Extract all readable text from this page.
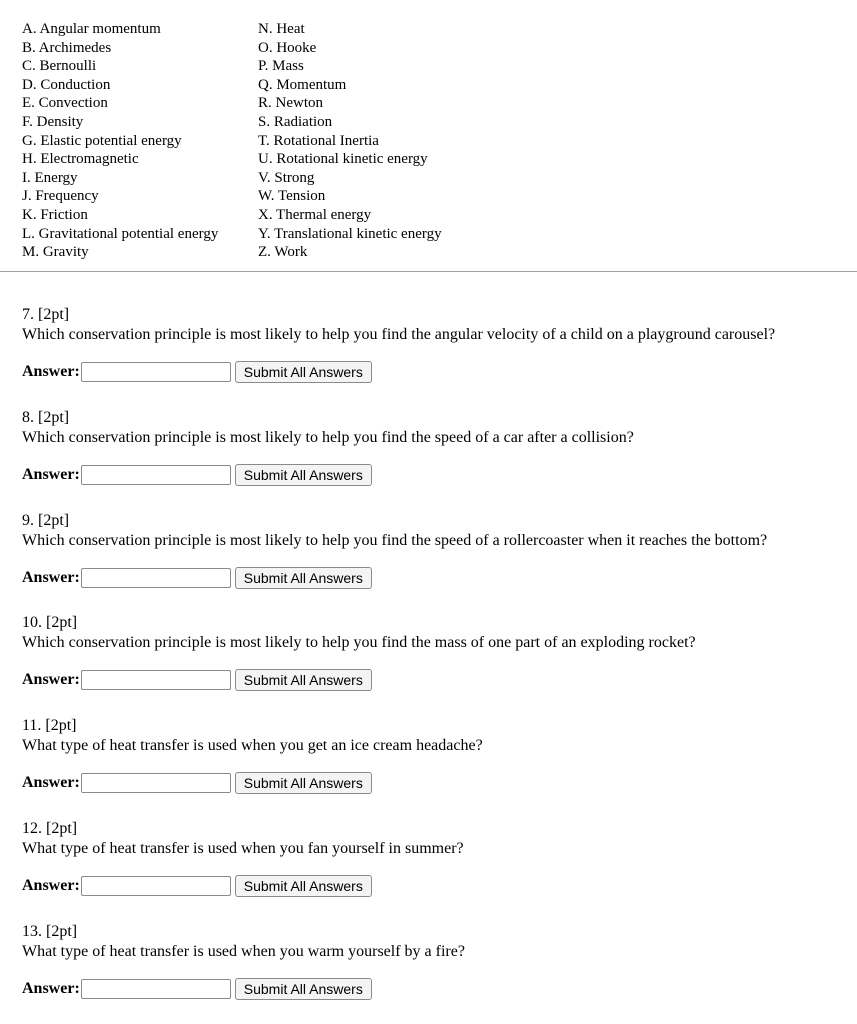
A. Angular momentum
B. Archimedes
C. Bernoulli
D. Conduction
E. Convection
F. Density
G. Elastic potential energy
H. Electromagnetic
I. Energy
J. Frequency
K. Friction
L. Gravitational potential energy
M. Gravity
N. Heat
O. Hooke
P. Mass
Q. Momentum
R. Newton
S. Radiation
T. Rotational Inertia
U. Rotational kinetic energy
V. Strong
W. Tension
X. Thermal energy
Y. Translational kinetic energy
Z. Work
7. [2pt]
Which conservation principle is most likely to help you find the angular velocity of a child on a playground carousel?
Answer:	Submit All Answers
8. [2pt]
Which conservation principle is most likely to help you find the speed of a car after a collision?
Answer:	Submit All Answers
9. [2pt]
Which conservation principle is most likely to help you find the speed of a rollercoaster when it reaches the bottom?
Answer:	Submit All Answers
10. [2pt]
Which conservation principle is most likely to help you find the mass of one part of an exploding rocket?
Answer:	Submit All Answers
11. [2pt]
What type of heat transfer is used when you get an ice cream headache?
Answer:	Submit All Answers
12. [2pt]
What type of heat transfer is used when you fan yourself in summer?
Answer:	Submit All Answers
13. [2pt]
What type of heat transfer is used when you warm yourself by a fire?
Answer:	Submit All Answers
